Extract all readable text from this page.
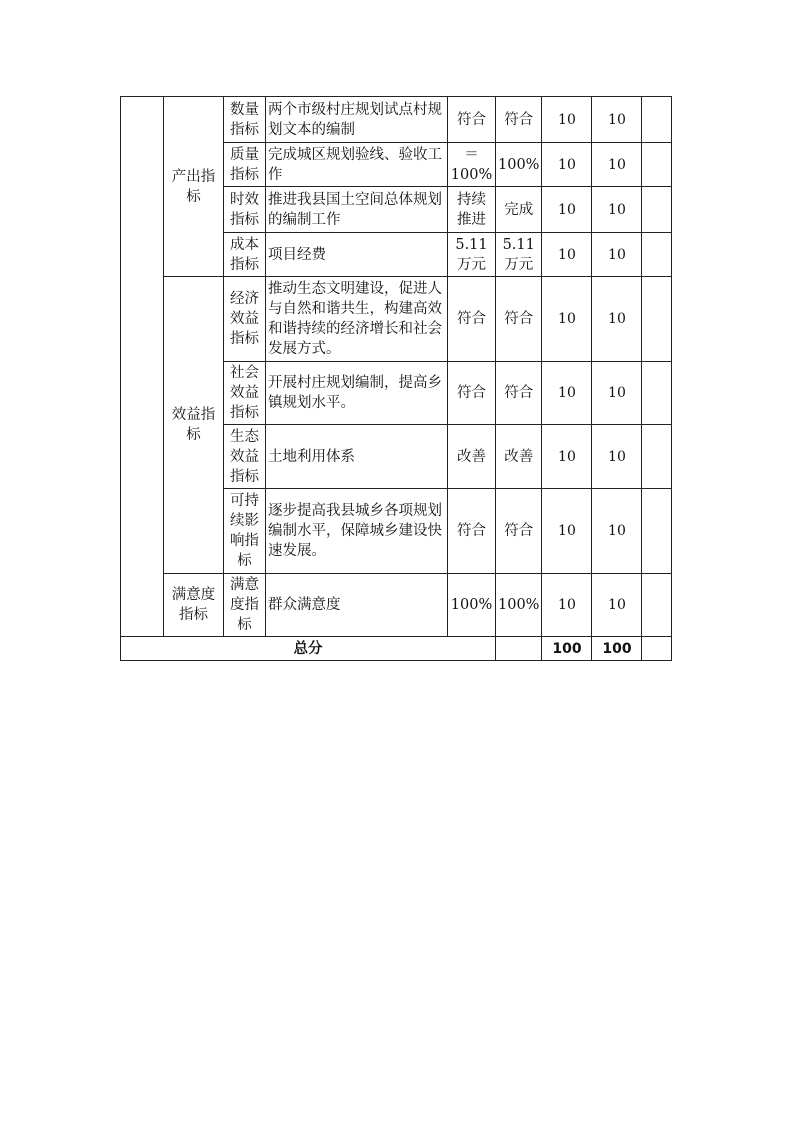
	产出指标	数量指标	两个市级村庄规划试点村规划文本的编制	符合	符合	10	10	
		质量指标	完成城区规划验线、验收工作	＝100%	100%	10	10	
		时效指标	推进我县国土空间总体规划的编制工作	持续推进	完成	10	10	
		成本指标	项目经费	5.11万元	5.11万元	10	10	
	效益指标	经济效益指标	推动生态文明建设，促进人与自然和谐共生，构建高效和谐持续的经济增长和社会发展方式。	符合	符合	10	10	
		社会效益指标	开展村庄规划编制，提高乡镇规划水平。	符合	符合	10	10	
		生态效益指标	土地利用体系	改善	改善	10	10	
		可持续影响指标	逐步提高我县城乡各项规划编制水平，保障城乡建设快速发展。	符合	符合	10	10	
	满意度指标	满意度指标	群众满意度	100%	100%	10	10	
总分						100	100	
